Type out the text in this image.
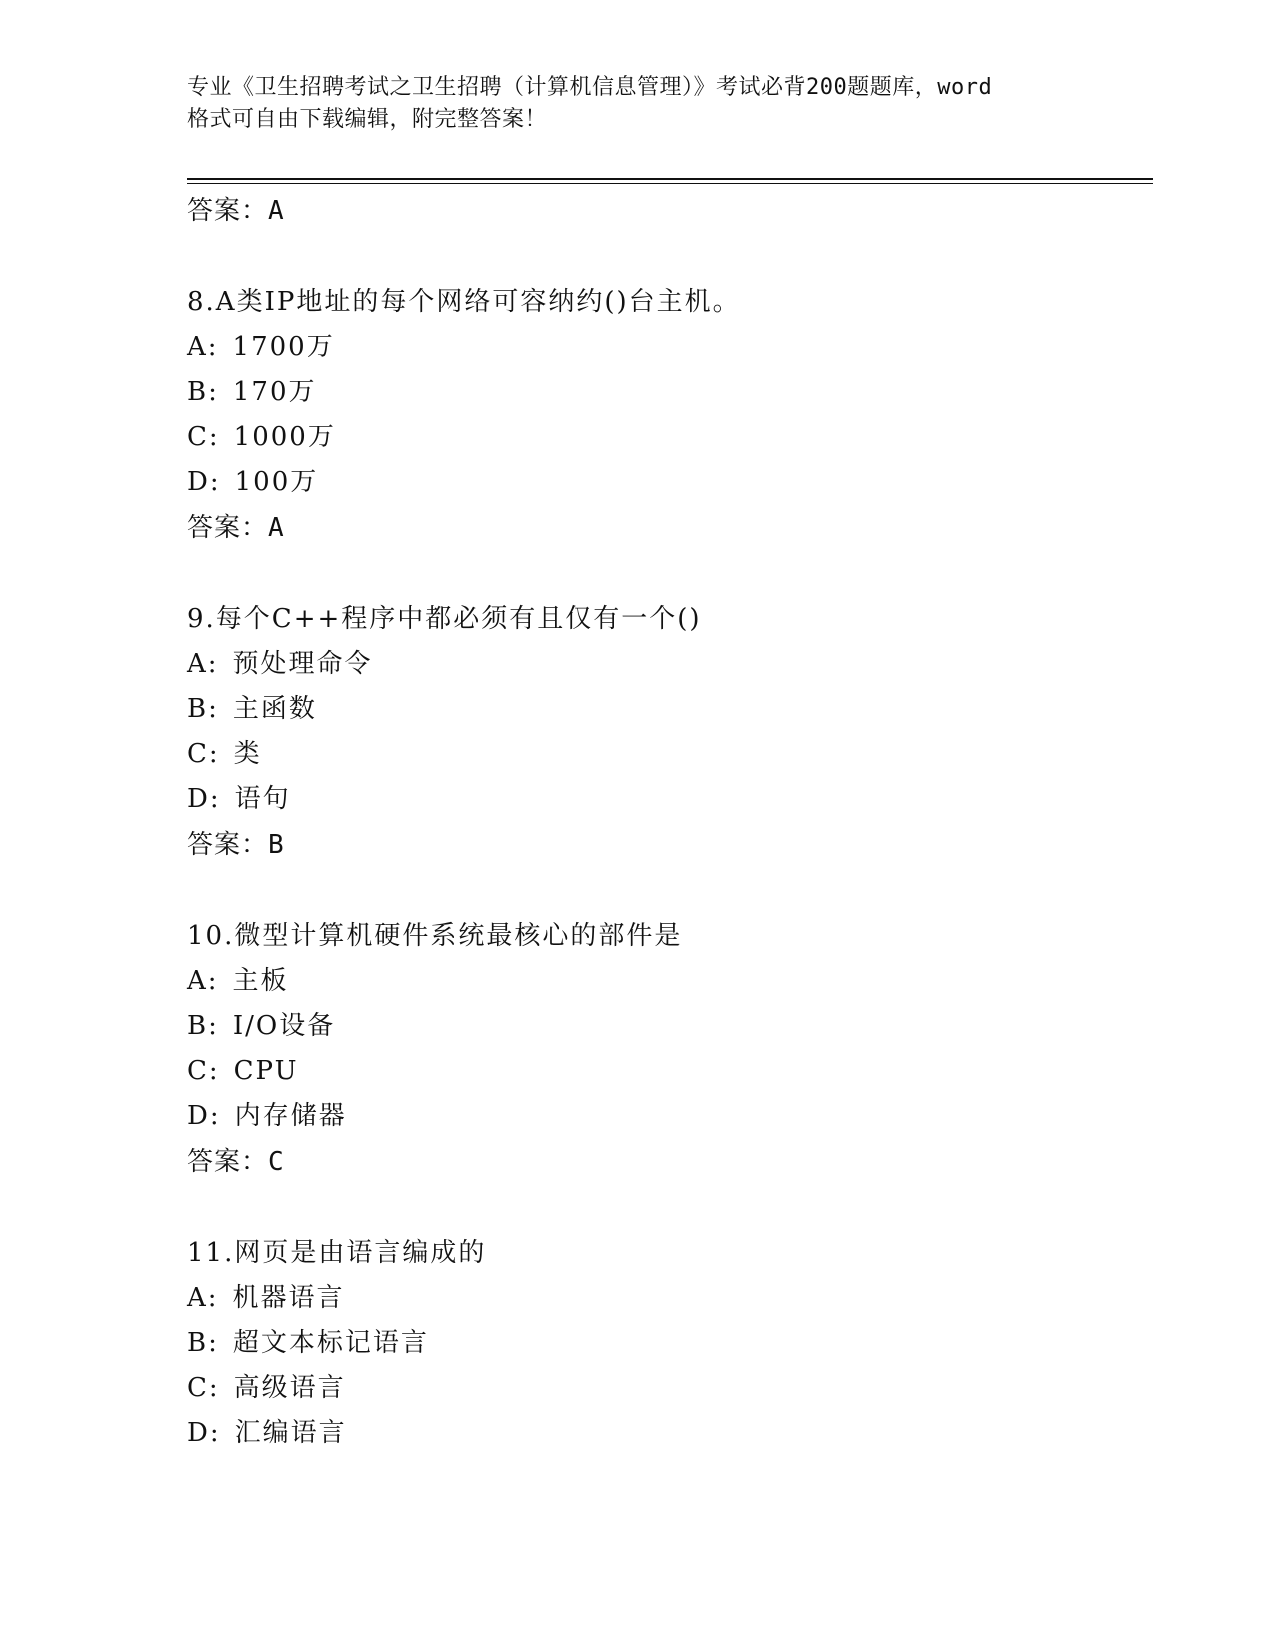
专业《卫生招聘考试之卫生招聘（计算机信息管理）》考试必背200题题库，word
格式可自由下载编辑，附完整答案！
答案：A
8.A类IP地址的每个网络可容纳约()台主机。
A: 1700万
B: 170万
C: 1000万
D: 100万
答案：A
9.每个C++程序中都必须有且仅有一个()
A: 预处理命令
B: 主函数
C: 类
D: 语句
答案：B
10.微型计算机硬件系统最核心的部件是
A: 主板
B: I/O设备
C: CPU
D: 内存储器
答案：C
11.网页是由语言编成的
A: 机器语言
B: 超文本标记语言
C: 高级语言
D: 汇编语言
